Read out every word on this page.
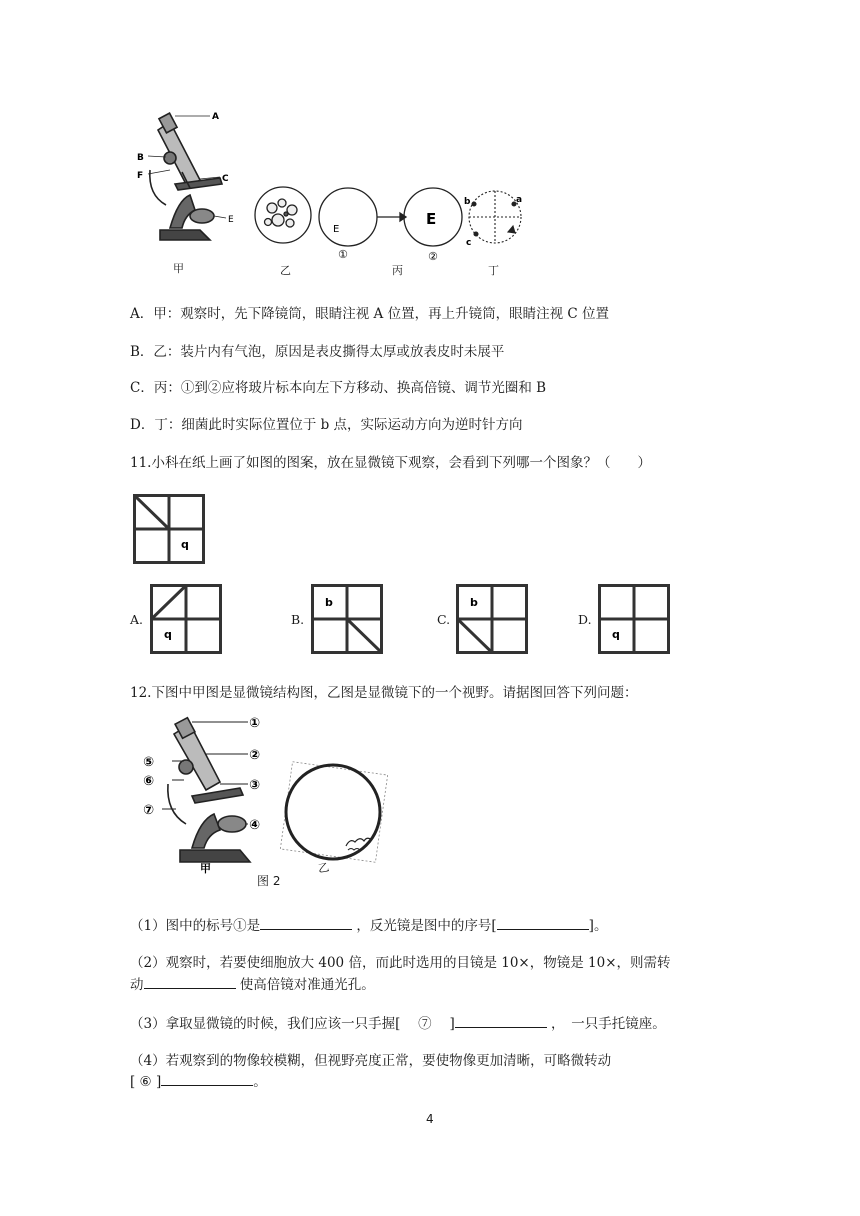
A
B
F	C
E
E
E
①	②
b	a
c
甲	乙	丙	丁
A．甲：观察时，先下降镜筒，眼睛注视 A 位置，再上升镜筒，眼睛注视 C 位置
B．乙：装片内有气泡，原因是表皮撕得太厚或放表皮时未展平
C．丙：①到②应将玻片标本向左下方移动、换高倍镜、调节光圈和 B
D．丁：细菌此时实际位置位于 b 点，实际运动方向为逆时针方向
11.小科在纸上画了如图的图案，放在显微镜下观察，会看到下列哪一个图象？（　　）
q
A.
q
B.
b
C.
b
D.
q
12.下图中甲图是显微镜结构图，乙图是显微镜下的一个视野。请据图回答下列问题：
①
②
③
④
⑤
⑥
⑦
甲	乙
图 2
（1）图中的标号①是	，反光镜是图中的序号[	]。
（2）观察时，若要使细胞放大 400 倍，而此时选用的目镜是 10×，物镜是 10×，则需转
动	使高倍镜对准通光孔。
（3）拿取显微镜的时候，我们应该一只手握[　 ⑦　 ]	，　一只手托镜座。
（4）若观察到的物像较模糊，但视野亮度正常，要使物像更加清晰，可略微转动
[ ⑥ ]	。
4
